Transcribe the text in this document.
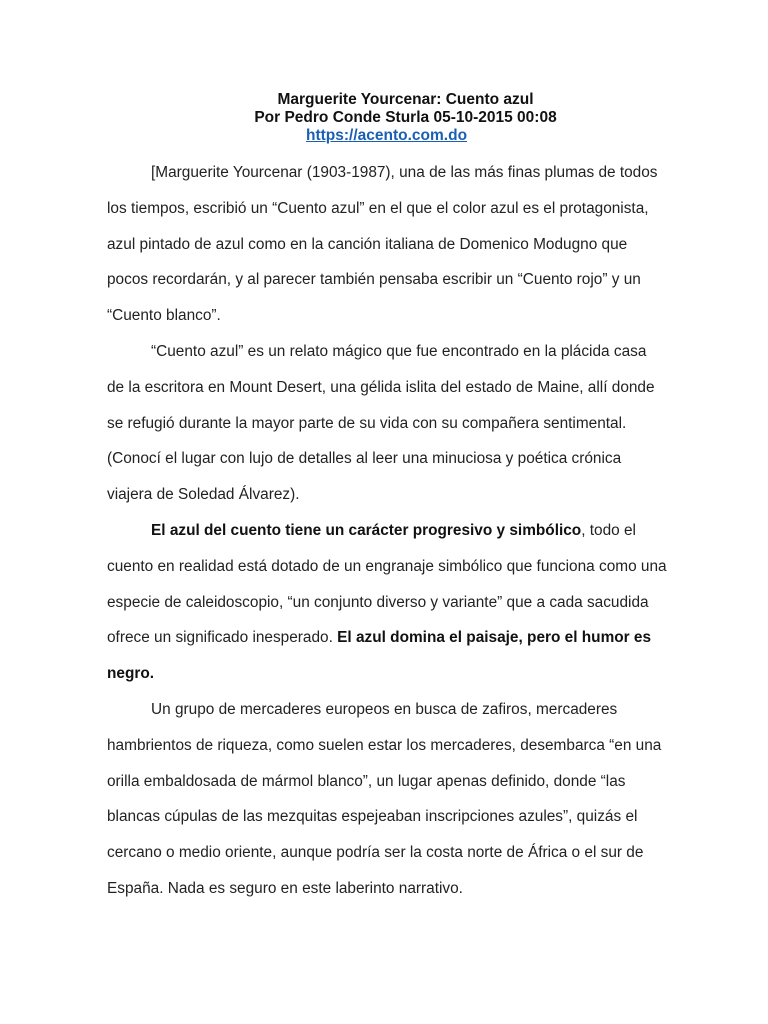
Marguerite Yourcenar: Cuento azul
Por Pedro Conde Sturla 05-10-2015 00:08
https://acento.com.do

[Marguerite Yourcenar (1903-1987), una de las más finas plumas de todos los tiempos, escribió un “Cuento azul” en el que el color azul es el protagonista, azul pintado de azul como en la canción italiana de Domenico Modugno que pocos recordarán, y al parecer también pensaba escribir un “Cuento rojo” y un “Cuento blanco”.

“Cuento azul” es un relato mágico que fue encontrado en la plácida casa de la escritora en Mount Desert, una gélida islita del estado de Maine, allí donde se refugió durante la mayor parte de su vida con su compañera sentimental. (Conocí el lugar con lujo de detalles al leer una minuciosa y poética crónica viajera de Soledad Álvarez).

El azul del cuento tiene un carácter progresivo y simbólico, todo el cuento en realidad está dotado de un engranaje simbólico que funciona como una especie de caleidoscopio, “un conjunto diverso y variante” que a cada sacudida ofrece un significado inesperado. El azul domina el paisaje, pero el humor es negro.

Un grupo de mercaderes europeos en busca de zafiros, mercaderes hambrientos de riqueza, como suelen estar los mercaderes, desembarca “en una orilla embaldosada de mármol blanco”, un lugar apenas definido, donde “las blancas cúpulas de las mezquitas espejeaban inscripciones azules”, quizás el cercano o medio oriente, aunque podría ser la costa norte de África o el sur de España. Nada es seguro en este laberinto narrativo.
